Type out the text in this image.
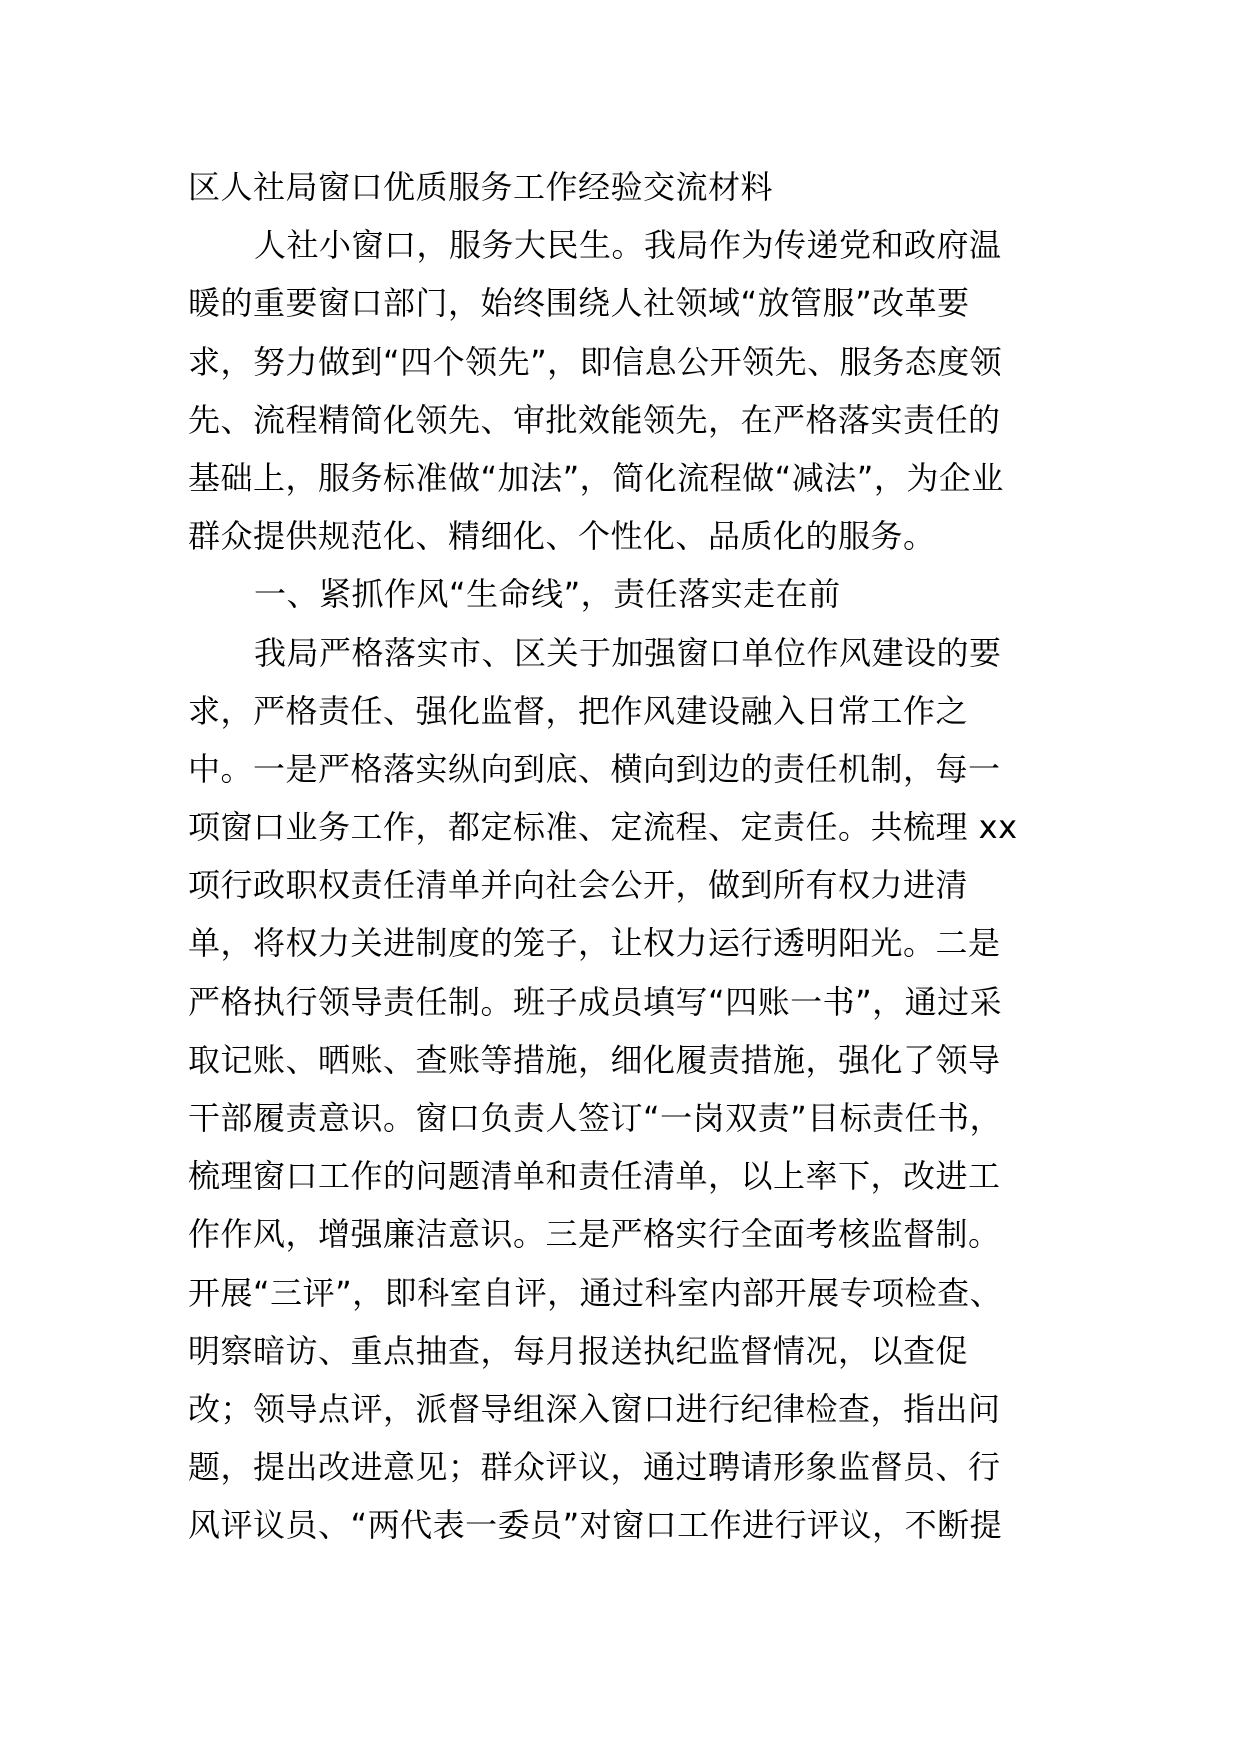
区人社局窗口优质服务工作经验交流材料
人社小窗口，服务大民生。我局作为传递党和政府温
暖的重要窗口部门，始终围绕人社领域“放管服”改革要
求，努力做到“四个领先”，即信息公开领先、服务态度领
先、流程精简化领先、审批效能领先，在严格落实责任的
基础上，服务标准做“加法”，简化流程做“减法”，为企业
群众提供规范化、精细化、个性化、品质化的服务。
一、紧抓作风“生命线”，责任落实走在前
我局严格落实市、区关于加强窗口单位作风建设的要
求，严格责任、强化监督，把作风建设融入日常工作之
中。一是严格落实纵向到底、横向到边的责任机制，每一
项窗口业务工作，都定标准、定流程、定责任。共梳理 xx
项行政职权责任清单并向社会公开，做到所有权力进清
单，将权力关进制度的笼子，让权力运行透明阳光。二是
严格执行领导责任制。班子成员填写“四账一书”，通过采
取记账、晒账、查账等措施，细化履责措施，强化了领导
干部履责意识。窗口负责人签订“一岗双责”目标责任书，
梳理窗口工作的问题清单和责任清单，以上率下，改进工
作作风，增强廉洁意识。三是严格实行全面考核监督制。
开展“三评”，即科室自评，通过科室内部开展专项检查、
明察暗访、重点抽查，每月报送执纪监督情况，以查促
改；领导点评，派督导组深入窗口进行纪律检查，指出问
题，提出改进意见；群众评议，通过聘请形象监督员、行
风评议员、“两代表一委员”对窗口工作进行评议，不断提
